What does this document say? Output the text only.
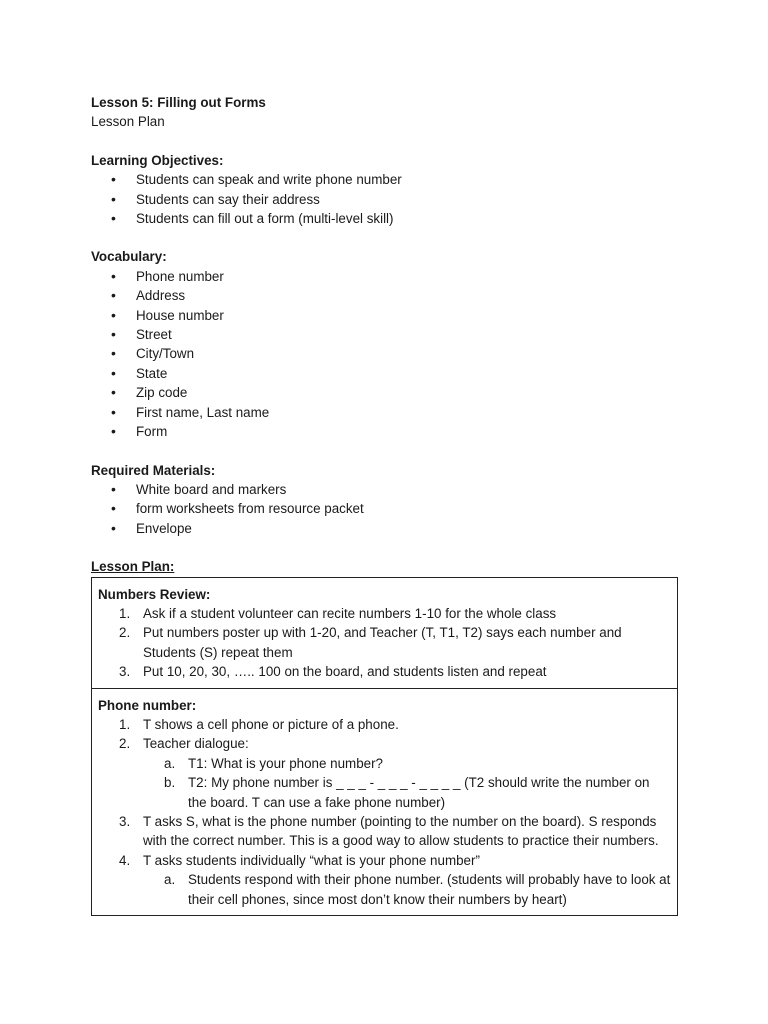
Lesson 5: Filling out Forms
Lesson Plan
Learning Objectives:
• Students can speak and write phone number
• Students can say their address
• Students can fill out a form (multi-level skill)
Vocabulary:
• Phone number
• Address
• House number
• Street
• City/Town
• State
• Zip code
• First name, Last name
• Form
Required Materials:
• White board and markers
• form worksheets from resource packet
• Envelope
Lesson Plan:
Numbers Review:
1. Ask if a student volunteer can recite numbers 1-10 for the whole class
2. Put numbers poster up with 1-20, and Teacher (T, T1, T2) says each number and Students (S) repeat them
3. Put 10, 20, 30, ….. 100 on the board, and students listen and repeat
Phone number:
1. T shows a cell phone or picture of a phone.
2. Teacher dialogue:
a. T1: What is your phone number?
b. T2: My phone number is _ _ _ - _ _ _ - _ _ _ _ (T2 should write the number on the board. T can use a fake phone number)
3. T asks S, what is the phone number (pointing to the number on the board). S responds with the correct number. This is a good way to allow students to practice their numbers.
4. T asks students individually “what is your phone number”
a. Students respond with their phone number. (students will probably have to look at their cell phones, since most don’t know their numbers by heart)
